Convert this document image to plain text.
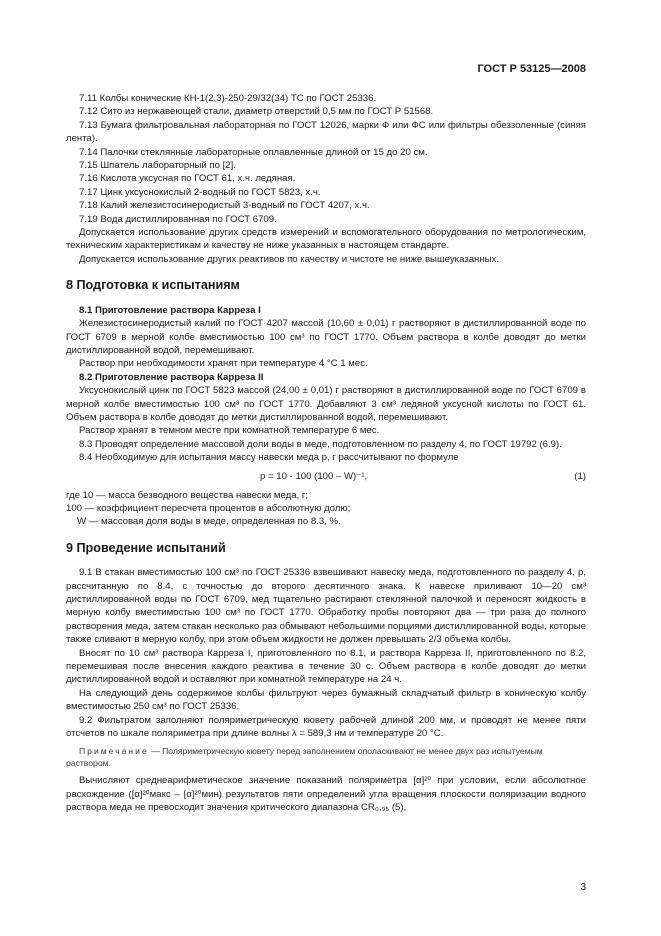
ГОСТ Р 53125—2008

7.11 Колбы конические КН-1(2,3)-250-29/32(34) ТС по ГОСТ 25336.

7.12 Сито из нержавеющей стали, диаметр отверстий 0,5 мм по ГОСТ Р 51568.

7.13 Бумага фильтровальная лабораторная по ГОСТ 12026, марки Ф или ФС или фильтры обеззоленные (синяя лента).

7.14 Палочки стеклянные лабораторные оплавленные длиной от 15 до 20 см.

7.15 Шпатель лабораторный по [2].

7.16 Кислота уксусная по ГОСТ 61, х.ч. ледяная.

7.17 Цинк уксуснокислый 2-водный по ГОСТ 5823, х.ч.

7.18 Калий железистосинеродистый 3-водный по ГОСТ 4207, х.ч.

7.19 Вода дистиллированная по ГОСТ 6709.

Допускается использование других средств измерений и вспомогательного оборудования по метрологическим, техническим характеристикам и качеству не ниже указанных в настоящем стандарте.

Допускается использование других реактивов по качеству и чистоте не ниже вышеуказанных.

8 Подготовка к испытаниям

8.1 Приготовление раствора Карреза I

Железистосинеродистый калий по ГОСТ 4207 массой (10,60 ± 0,01) г растворяют в дистиллированной воде по ГОСТ 6709 в мерной колбе вместимостью 100 см³ по ГОСТ 1770. Объем раствора в колбе доводят до метки дистиллированной водой, перемешивают.

Раствор при необходимости хранят при температуре 4 °С 1 мес.

8.2 Приготовление раствора Карреза II

Уксуснокислый цинк по ГОСТ 5823 массой (24,00 ± 0,01) г растворяют в дистиллированной воде по ГОСТ 6709 в мерной колбе вместимостью 100 см³ по ГОСТ 1770. Добавляют 3 см³ ледяной уксусной кислоты по ГОСТ 61. Объем раствора в колбе доводят до метки дистиллированной водой, перемешивают.

Раствор хранят в темном месте при комнатной температуре 6 мес.

8.3 Проводят определение массовой доли воды в меде, подготовленном по разделу 4, по ГОСТ 19792 (6.9).

8.4 Необходимую для испытания массу навески меда p, г рассчитывают по формуле

p = 10 · 100 (100 – W)⁻¹,	(1)

где 10 — масса безводного вещества навески меда, г;

100 — коэффициент пересчета процентов в абсолютную долю;

W — массовая доля воды в меде, определенная по 8.3, %.

9 Проведение испытаний

9.1 В стакан вместимостью 100 см³ по ГОСТ 25336 взвешивают навеску меда, подготовленного по разделу 4, p, рассчитанную по 8.4, с точностью до второго десятичного знака. К навеске приливают 10—20 см³ дистиллированной воды по ГОСТ 6709, мед тщательно растирают стеклянной палочкой и переносят жидкость в мерную колбу вместимостью 100 см³ по ГОСТ 1770. Обработку пробы повторяют два — три раза до полного растворения меда, затем стакан несколько раз обмывают небольшими порциями дистиллированной воды, которые также сливают в мерную колбу, при этом объем жидкости не должен превышать 2/3 объема колбы.

Вносят по 10 см³ раствора Карреза I, приготовленного по 8.1, и раствора Карреза II, приготовленного по 8.2, перемешивая после внесения каждого реактива в течение 30 с. Объем раствора в колбе доводят до метки дистиллированной водой и оставляют при комнатной температуре на 24 ч.

На следующий день содержимое колбы фильтруют через бумажный складчатый фильтр в коническую колбу вместимостью 250 см³ по ГОСТ 25336.

9.2 Фильтратом заполняют поляриметрическую кювету рабочей длиной 200 мм, и проводят не менее пяти отсчетов по шкале поляриметра при длине волны λ = 589,3 нм и температуре 20 °С.

Примечание — Поляриметрическую кювету перед заполнением ополаскивают не менее двух раз испытуемым раствором.

Вычисляют среднеарифметическое значение показаний поляриметра [α]²⁰ при условии, если абсолютное расхождение ([α]²⁰макс – [α]²⁰мин) результатов пяти определений угла вращения плоскости поляризации водного раствора меда не превосходит значения критического диапазона CR₀,₉₅ (5),

3
